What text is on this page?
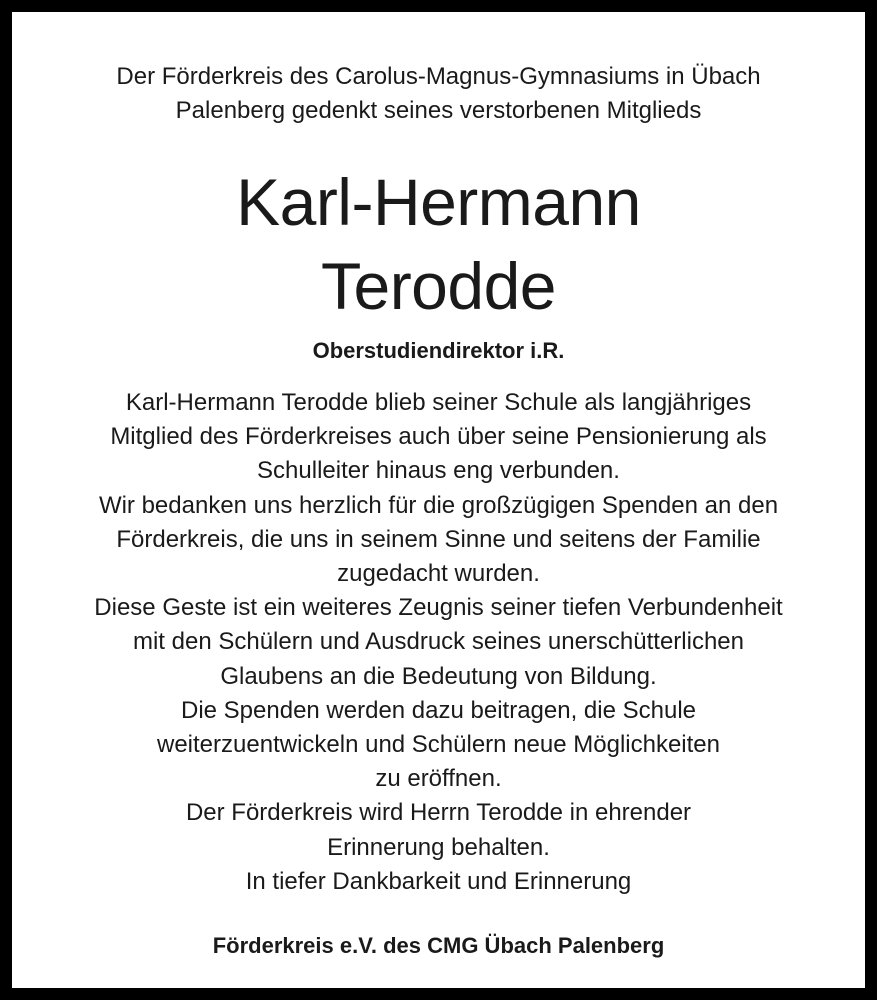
Der Förderkreis des Carolus-Magnus-Gymnasiums in Übach
Palenberg gedenkt seines verstorbenen Mitglieds
Karl-Hermann
Terodde
Oberstudiendirektor i.R.
Karl-Hermann Terodde blieb seiner Schule als langjähriges
Mitglied des Förderkreises auch über seine Pensionierung als
Schulleiter hinaus eng verbunden.
Wir bedanken uns herzlich für die großzügigen Spenden an den
Förderkreis, die uns in seinem Sinne und seitens der Familie
zugedacht wurden.
Diese Geste ist ein weiteres Zeugnis seiner tiefen Verbundenheit
mit den Schülern und Ausdruck seines unerschütterlichen
Glaubens an die Bedeutung von Bildung.
Die Spenden werden dazu beitragen, die Schule
weiterzuentwickeln und Schülern neue Möglichkeiten
zu eröffnen.
Der Förderkreis wird Herrn Terodde in ehrender
Erinnerung behalten.
In tiefer Dankbarkeit und Erinnerung
Förderkreis e.V. des CMG Übach Palenberg
